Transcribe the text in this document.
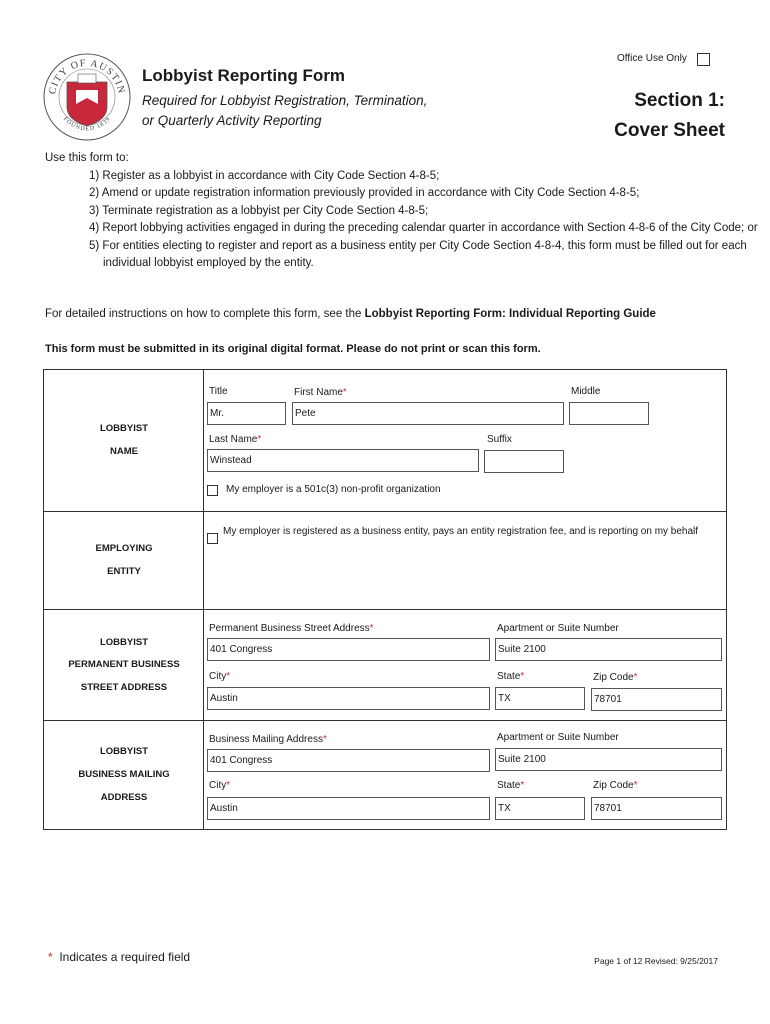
CITY OF AUSTIN
FOUNDED 1839
Lobbyist Reporting Form
Required for Lobbyist Registration, Termination,
or Quarterly Activity Reporting
Office Use Only
Section 1:
Cover Sheet
Use this form to:
1) Register as a lobbyist in accordance with City Code Section 4-8-5;
2) Amend or update registration information previously provided in accordance with City Code Section 4-8-5;
3) Terminate registration as a lobbyist per City Code Section 4-8-5;
4) Report lobbying activities engaged in during the preceding calendar quarter in accordance with Section 4-8-6 of the City Code; or
5) For entities electing to register and report as a business entity per City Code Section 4-8-4, this form must be filled out for each individual lobbyist employed by the entity.
For detailed instructions on how to complete this form, see the Lobbyist Reporting Form: Individual Reporting Guide
This form must be submitted in its original digital format. Please do not print or scan this form.
LOBBYIST
NAME
Title	First Name*	Middle
Mr.	Pete
Last Name*	Suffix
Winstead
My employer is a 501c(3) non-profit organization
EMPLOYING
ENTITY
My employer is registered as a business entity, pays an entity registration fee, and is reporting on my behalf
LOBBYIST
PERMANENT BUSINESS
STREET ADDRESS
Permanent Business Street Address*	Apartment or Suite Number
401 Congress	Suite 2100
City*	State*	Zip Code*
Austin	TX	78701
LOBBYIST
BUSINESS MAILING
ADDRESS
Business Mailing Address*	Apartment or Suite Number
401 Congress	Suite 2100
City*	State*	Zip Code*
Austin	TX	78701
* Indicates a required field	Page 1 of 12 Revised: 9/25/2017
